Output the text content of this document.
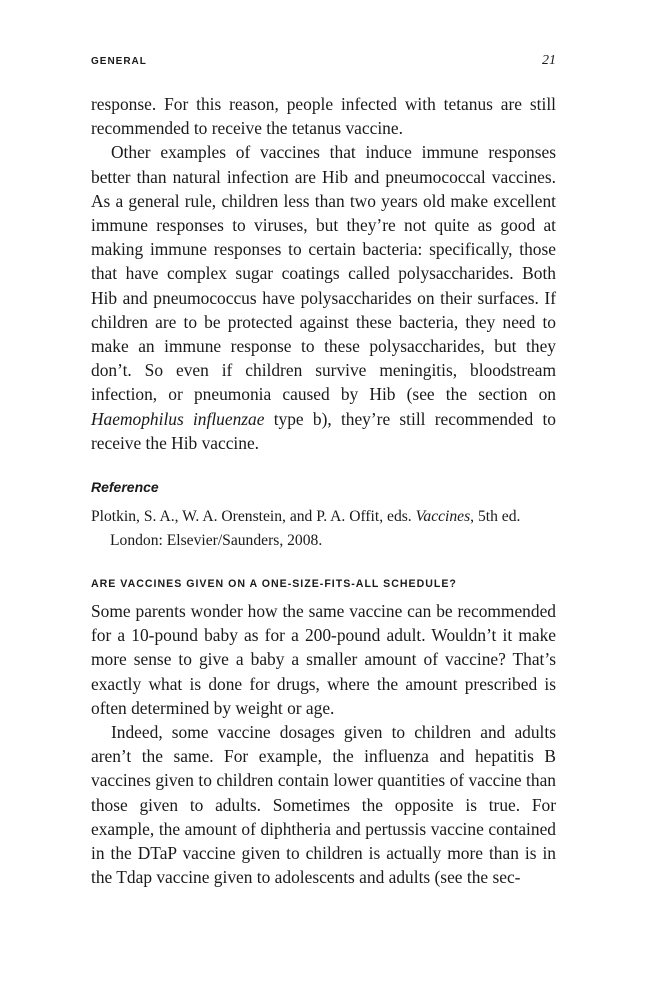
GENERAL	21

response. For this reason, people infected with tetanus are still recommended to receive the tetanus vaccine.

Other examples of vaccines that induce immune responses better than natural infection are Hib and pneumococcal vaccines. As a general rule, children less than two years old make excellent immune responses to viruses, but they’re not quite as good at making immune responses to certain bacteria: specifically, those that have complex sugar coatings called polysaccharides. Both Hib and pneumococcus have polysaccharides on their surfaces. If children are to be protected against these bacteria, they need to make an immune response to these polysaccharides, but they don’t. So even if children survive meningitis, bloodstream infection, or pneumonia caused by Hib (see the section on Haemophilus influenzae type b), they’re still recommended to receive the Hib vaccine.

Reference
Plotkin, S. A., W. A. Orenstein, and P. A. Offit, eds. Vaccines, 5th ed. London: Elsevier/Saunders, 2008.
ARE VACCINES GIVEN ON A ONE-SIZE-FITS-ALL SCHEDULE?

Some parents wonder how the same vaccine can be recommended for a 10-pound baby as for a 200-pound adult. Wouldn’t it make more sense to give a baby a smaller amount of vaccine? That’s exactly what is done for drugs, where the amount prescribed is often determined by weight or age.

Indeed, some vaccine dosages given to children and adults aren’t the same. For example, the influenza and hepatitis B vaccines given to children contain lower quantities of vaccine than those given to adults. Sometimes the opposite is true. For example, the amount of diphtheria and pertussis vaccine contained in the DTaP vaccine given to children is actually more than is in the Tdap vaccine given to adolescents and adults (see the sec-
